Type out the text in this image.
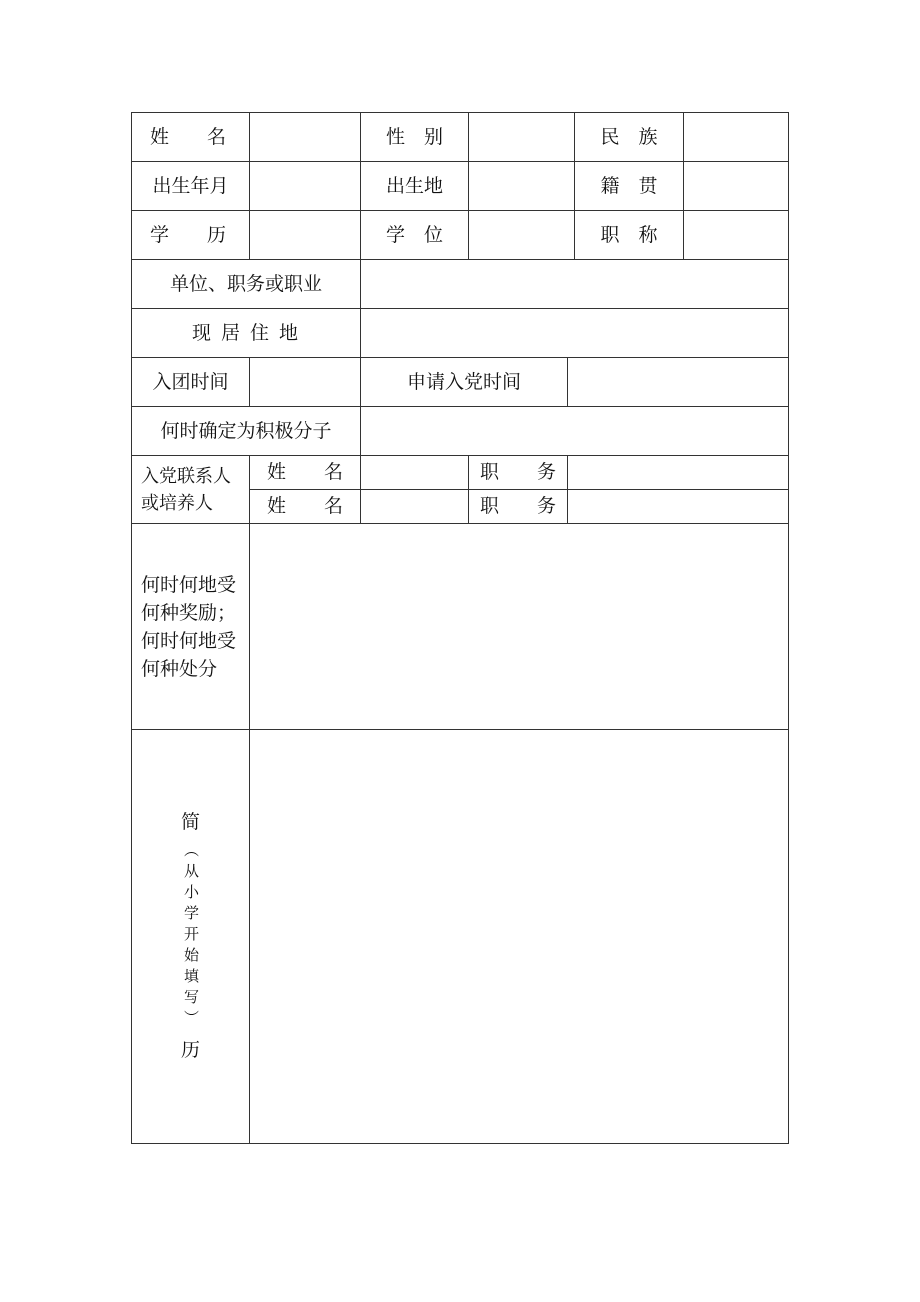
姓　　名	性　别	民　族
出生年月	出生地	籍　贯
学　　历	学　位	职　称
单位、职务或职业
现 居 住 地
入团时间	申请入党时间
何时确定为积极分子
入党联系人或培养人
姓　　名	职　　务
姓　　名	职　　务
何时何地受何种奖励；何时何地受何种处分
简
（从小学开始填写）
历
